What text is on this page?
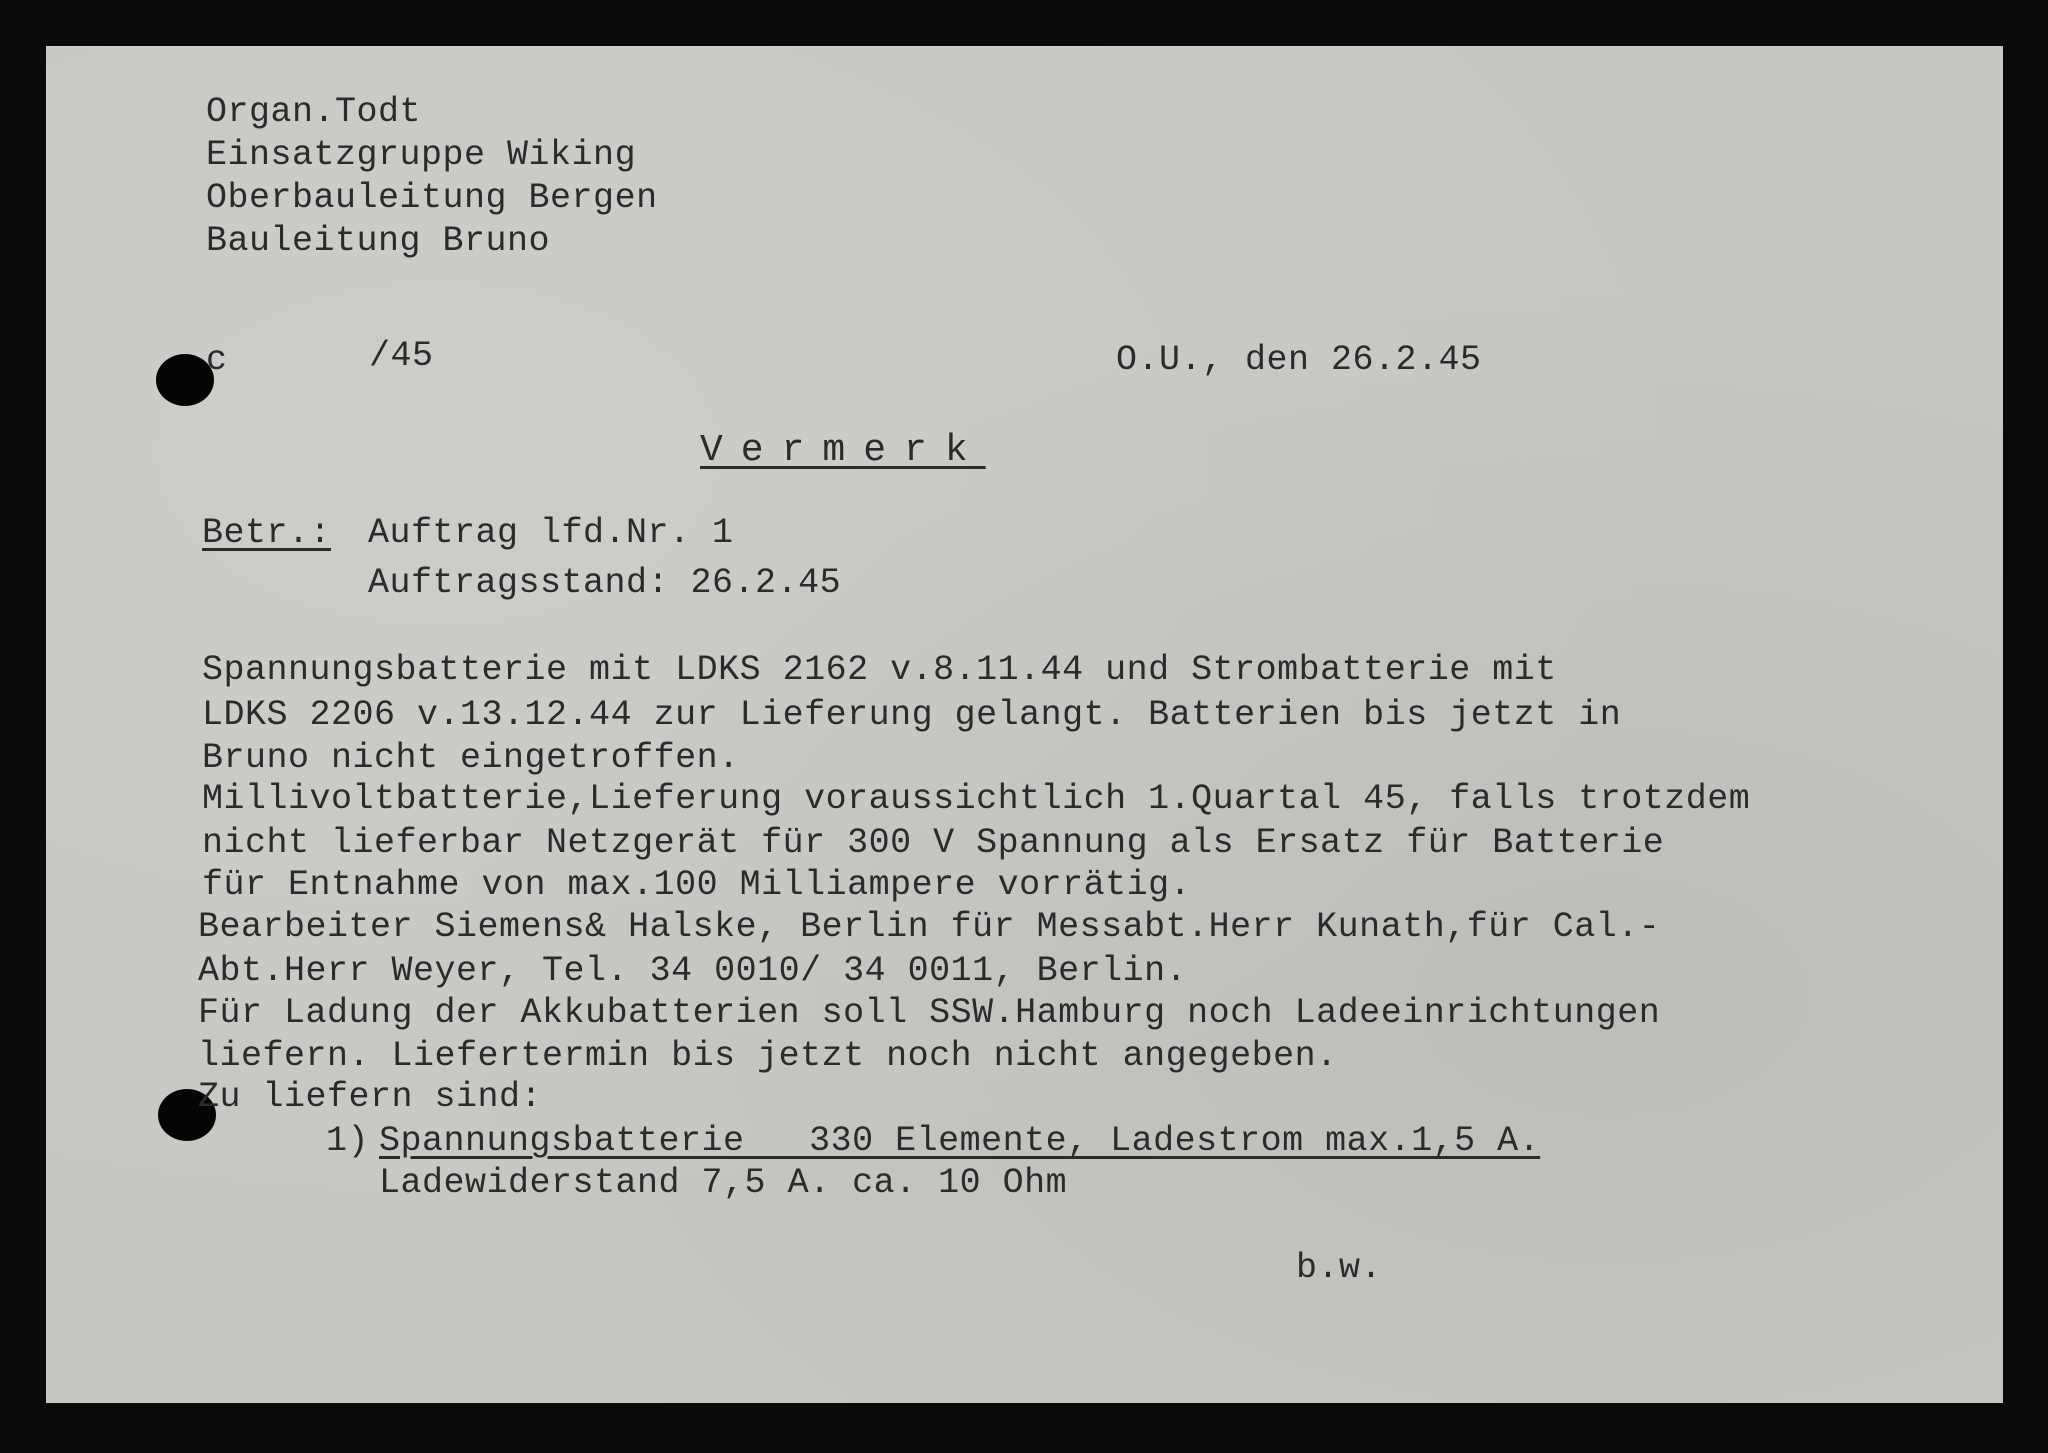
Organ.Todt

Einsatzgruppe Wiking

Oberbauleitung Bergen

Bauleitung Bruno

c	/45	O.U., den 26.2.45

Vermerk

Betr.: Auftrag lfd.Nr. 1

Auftragsstand: 26.2.45

Spannungsbatterie mit LDKS 2162 v.8.11.44 und Strombatterie mit

LDKS 2206 v.13.12.44 zur Lieferung gelangt. Batterien bis jetzt in

Bruno nicht eingetroffen.

Millivoltbatterie,Lieferung voraussichtlich 1.Quartal 45, falls trotzdem

nicht lieferbar Netzgerät für 300 V Spannung als Ersatz für Batterie

für Entnahme von max.100 Milliampere vorrätig.

Bearbeiter Siemens& Halske, Berlin für Messabt.Herr Kunath,für Cal.-

Abt.Herr Weyer, Tel. 34 0010/ 34 0011, Berlin.

Für Ladung der Akkubatterien soll SSW.Hamburg noch Ladeeinrichtungen

liefern. Liefertermin bis jetzt noch nicht angegeben.

Zu liefern sind:

1) Spannungsbatterie   330 Elemente, Ladestrom max.1,5 A.

Ladewiderstand 7,5 A. ca. 10 Ohm

b.w.
